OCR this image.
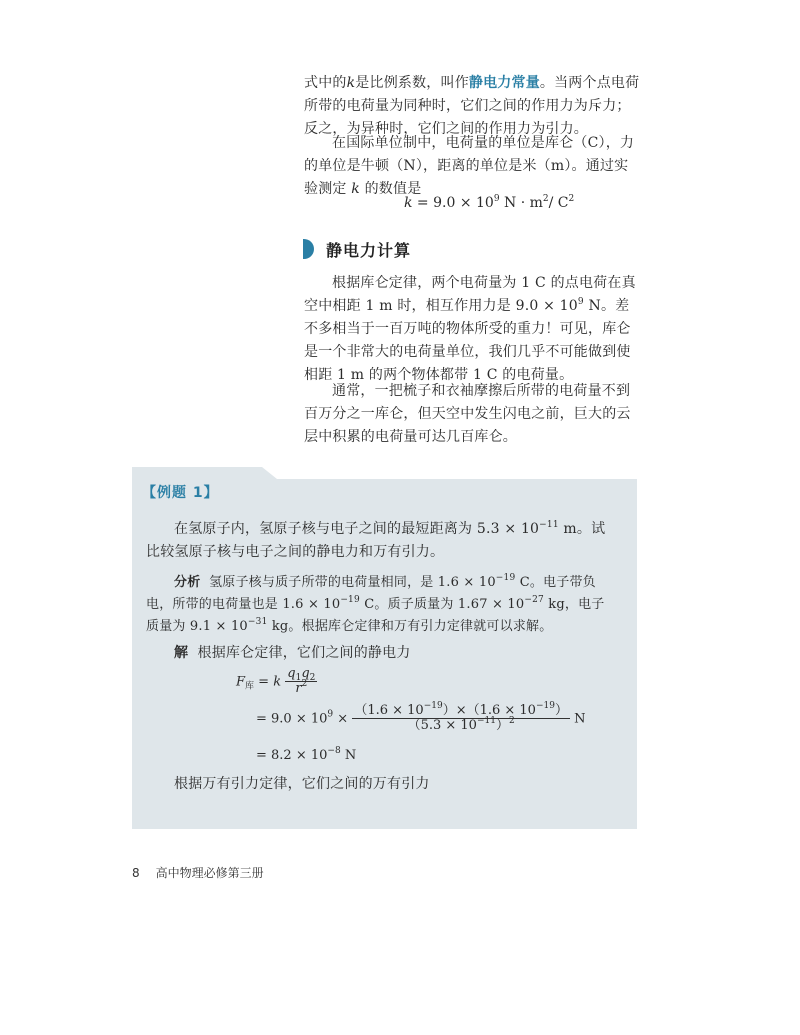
式中的k是比例系数，叫作静电力常量。当两个点电荷所带的电荷量为同种时，它们之间的作用力为斥力；反之，为异种时，它们之间的作用力为引力。

在国际单位制中，电荷量的单位是库仑（C），力的单位是牛顿（N），距离的单位是米（m）。通过实验测定 k 的数值是

$k = 9.0 \times 10^9$ $N \cdot m^2/$ $C^2$
静电力计算

根据库仑定律，两个电荷量为 1 C 的点电荷在真空中相距 1 m 时，相互作用力是 $9.0 \times 10^9$ N。差不多相当于一百万吨的物体所受的重力！可见，库仑是一个非常大的电荷量单位，我们几乎不可能做到使相距 1 m 的两个物体都带 1 C 的电荷量。

通常，一把梳子和衣袖摩擦后所带的电荷量不到百万分之一库仑，但天空中发生闪电之前，巨大的云层中积累的电荷量可达几百库仑。

【例题 1】

在氢原子内，氢原子核与电子之间的最短距离为 $5.3 \times 10^{-11}$ m。试比较氢原子核与电子之间的静电力和万有引力。

分析 氢原子核与质子所带的电荷量相同，是 $1.6 \times 10^{-19}$ C。电子带负电，所带的电荷量也是 $1.6 \times 10^{-19}$ C。质子质量为 $1.67 \times 10^{-27}$ kg，电子质量为 $9.1 \times 10^{-31}$ kg。根据库仑定律和万有引力定律就可以求解。

解 根据库仑定律，它们之间的静电力

$F_库 = k \frac{q_1q_2}{r^2}$
= $9.0 \times 10^9 \times \frac{(1.6 \times 10^{-19})\times(1.6 \times 10^{-19})}{(5.3 \times 10^{-11})^2}$ N
= $8.2 \times 10^{-8}$ N

根据万有引力定律，它们之间的万有引力

8 高中物理必修第三册
